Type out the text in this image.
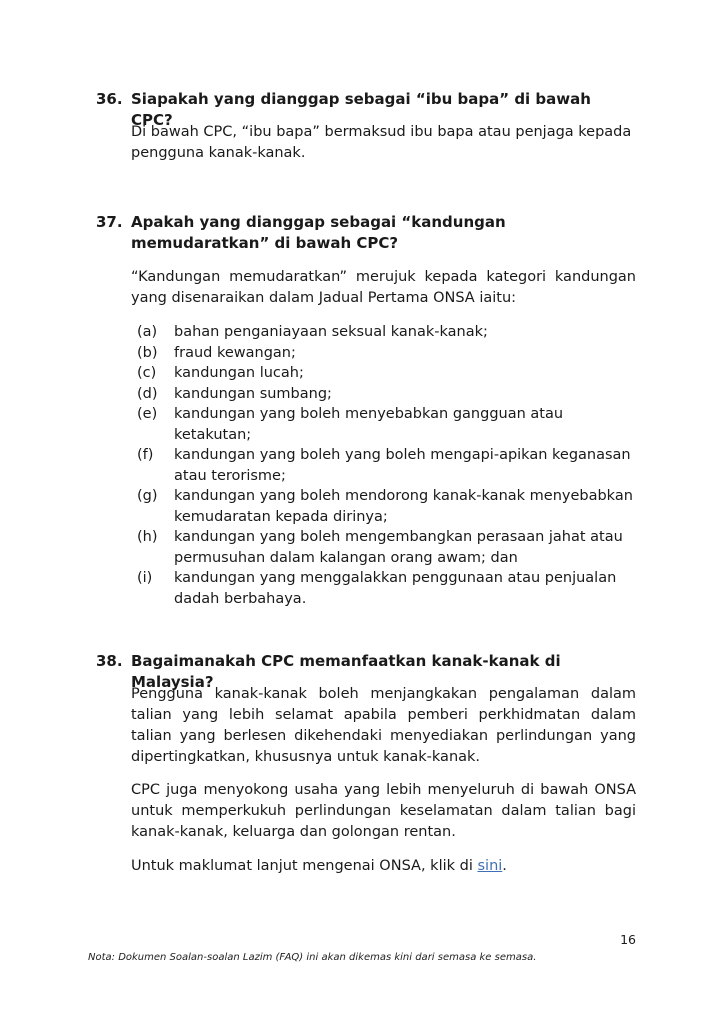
36. Siapakah yang dianggap sebagai “ibu bapa” di bawah CPC?

Di bawah CPC, “ibu bapa” bermaksud ibu bapa atau penjaga kepada pengguna kanak-kanak.

37. Apakah yang dianggap sebagai “kandungan memudaratkan” di bawah CPC?

“Kandungan memudaratkan” merujuk kepada kategori kandungan yang disenaraikan dalam Jadual Pertama ONSA iaitu:

(a) bahan penganiayaan seksual kanak-kanak;
(b) fraud kewangan;
(c) kandungan lucah;
(d) kandungan sumbang;
(e) kandungan yang boleh menyebabkan gangguan atau ketakutan;
(f) kandungan yang boleh yang boleh mengapi-apikan keganasan atau terorisme;
(g) kandungan yang boleh mendorong kanak-kanak menyebabkan kemudaratan kepada dirinya;
(h) kandungan yang boleh mengembangkan perasaan jahat atau permusuhan dalam kalangan orang awam; dan
(i) kandungan yang menggalakkan penggunaan atau penjualan dadah berbahaya.
38. Bagaimanakah CPC memanfaatkan kanak-kanak di Malaysia?

Pengguna kanak-kanak boleh menjangkakan pengalaman dalam talian yang lebih selamat apabila pemberi perkhidmatan dalam talian yang berlesen dikehendaki menyediakan perlindungan yang dipertingkatkan, khususnya untuk kanak-kanak.

CPC juga menyokong usaha yang lebih menyeluruh di bawah ONSA untuk memperkukuh perlindungan keselamatan dalam talian bagi kanak-kanak, keluarga dan golongan rentan.

Untuk maklumat lanjut mengenai ONSA, klik di sini.

16
Nota: Dokumen Soalan-soalan Lazim (FAQ) ini akan dikemas kini dari semasa ke semasa.
